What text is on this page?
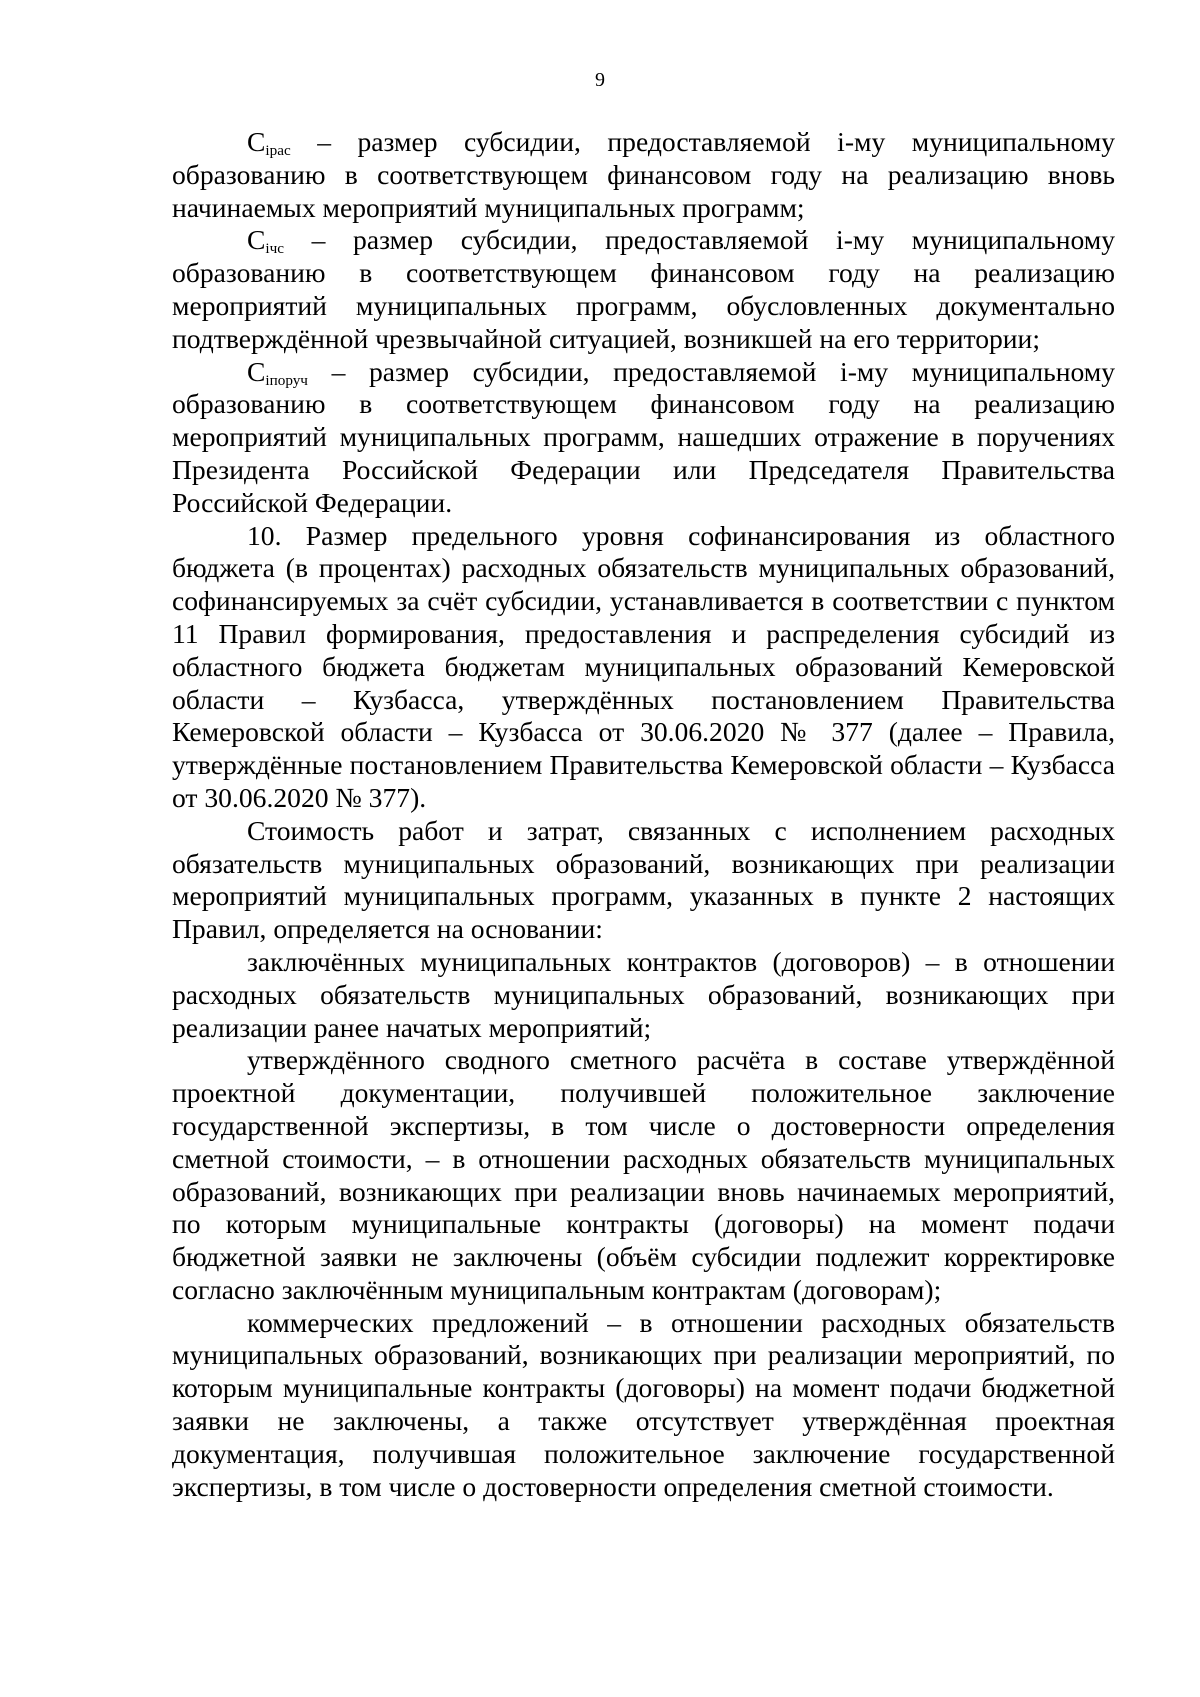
9

$C_{iрас}$ – размер субсидии, предоставляемой i-му муниципальному образованию в соответствующем финансовом году на реализацию вновь начинаемых мероприятий муниципальных программ;

$C_{iчс}$ – размер субсидии, предоставляемой i-му муниципальному образованию в соответствующем финансовом году на реализацию мероприятий муниципальных программ, обусловленных документально подтверждённой чрезвычайной ситуацией, возникшей на его территории;

$C_{iпоруч}$ – размер субсидии, предоставляемой i-му муниципальному образованию в соответствующем финансовом году на реализацию мероприятий муниципальных программ, нашедших отражение в поручениях Президента Российской Федерации или Председателя Правительства Российской Федерации.

10. Размер предельного уровня софинансирования из областного бюджета (в процентах) расходных обязательств муниципальных образований, софинансируемых за счёт субсидии, устанавливается в соответствии с пунктом 11 Правил формирования, предоставления и распределения субсидий из областного бюджета бюджетам муниципальных образований Кемеровской области – Кузбасса, утверждённых постановлением Правительства Кемеровской области – Кузбасса от 30.06.2020 № 377 (далее – Правила, утверждённые постановлением Правительства Кемеровской области – Кузбасса от 30.06.2020 № 377).

Стоимость работ и затрат, связанных с исполнением расходных обязательств муниципальных образований, возникающих при реализации мероприятий муниципальных программ, указанных в пункте 2 настоящих Правил, определяется на основании:

заключённых муниципальных контрактов (договоров) – в отношении расходных обязательств муниципальных образований, возникающих при реализации ранее начатых мероприятий;

утверждённого сводного сметного расчёта в составе утверждённой проектной документации, получившей положительное заключение государственной экспертизы, в том числе о достоверности определения сметной стоимости, – в отношении расходных обязательств муниципальных образований, возникающих при реализации вновь начинаемых мероприятий, по которым муниципальные контракты (договоры) на момент подачи бюджетной заявки не заключены (объём субсидии подлежит корректировке согласно заключённым муниципальным контрактам (договорам);

коммерческих предложений – в отношении расходных обязательств муниципальных образований, возникающих при реализации мероприятий, по которым муниципальные контракты (договоры) на момент подачи бюджетной заявки не заключены, а также отсутствует утверждённая проектная документация, получившая положительное заключение государственной экспертизы, в том числе о достоверности определения сметной стоимости.
